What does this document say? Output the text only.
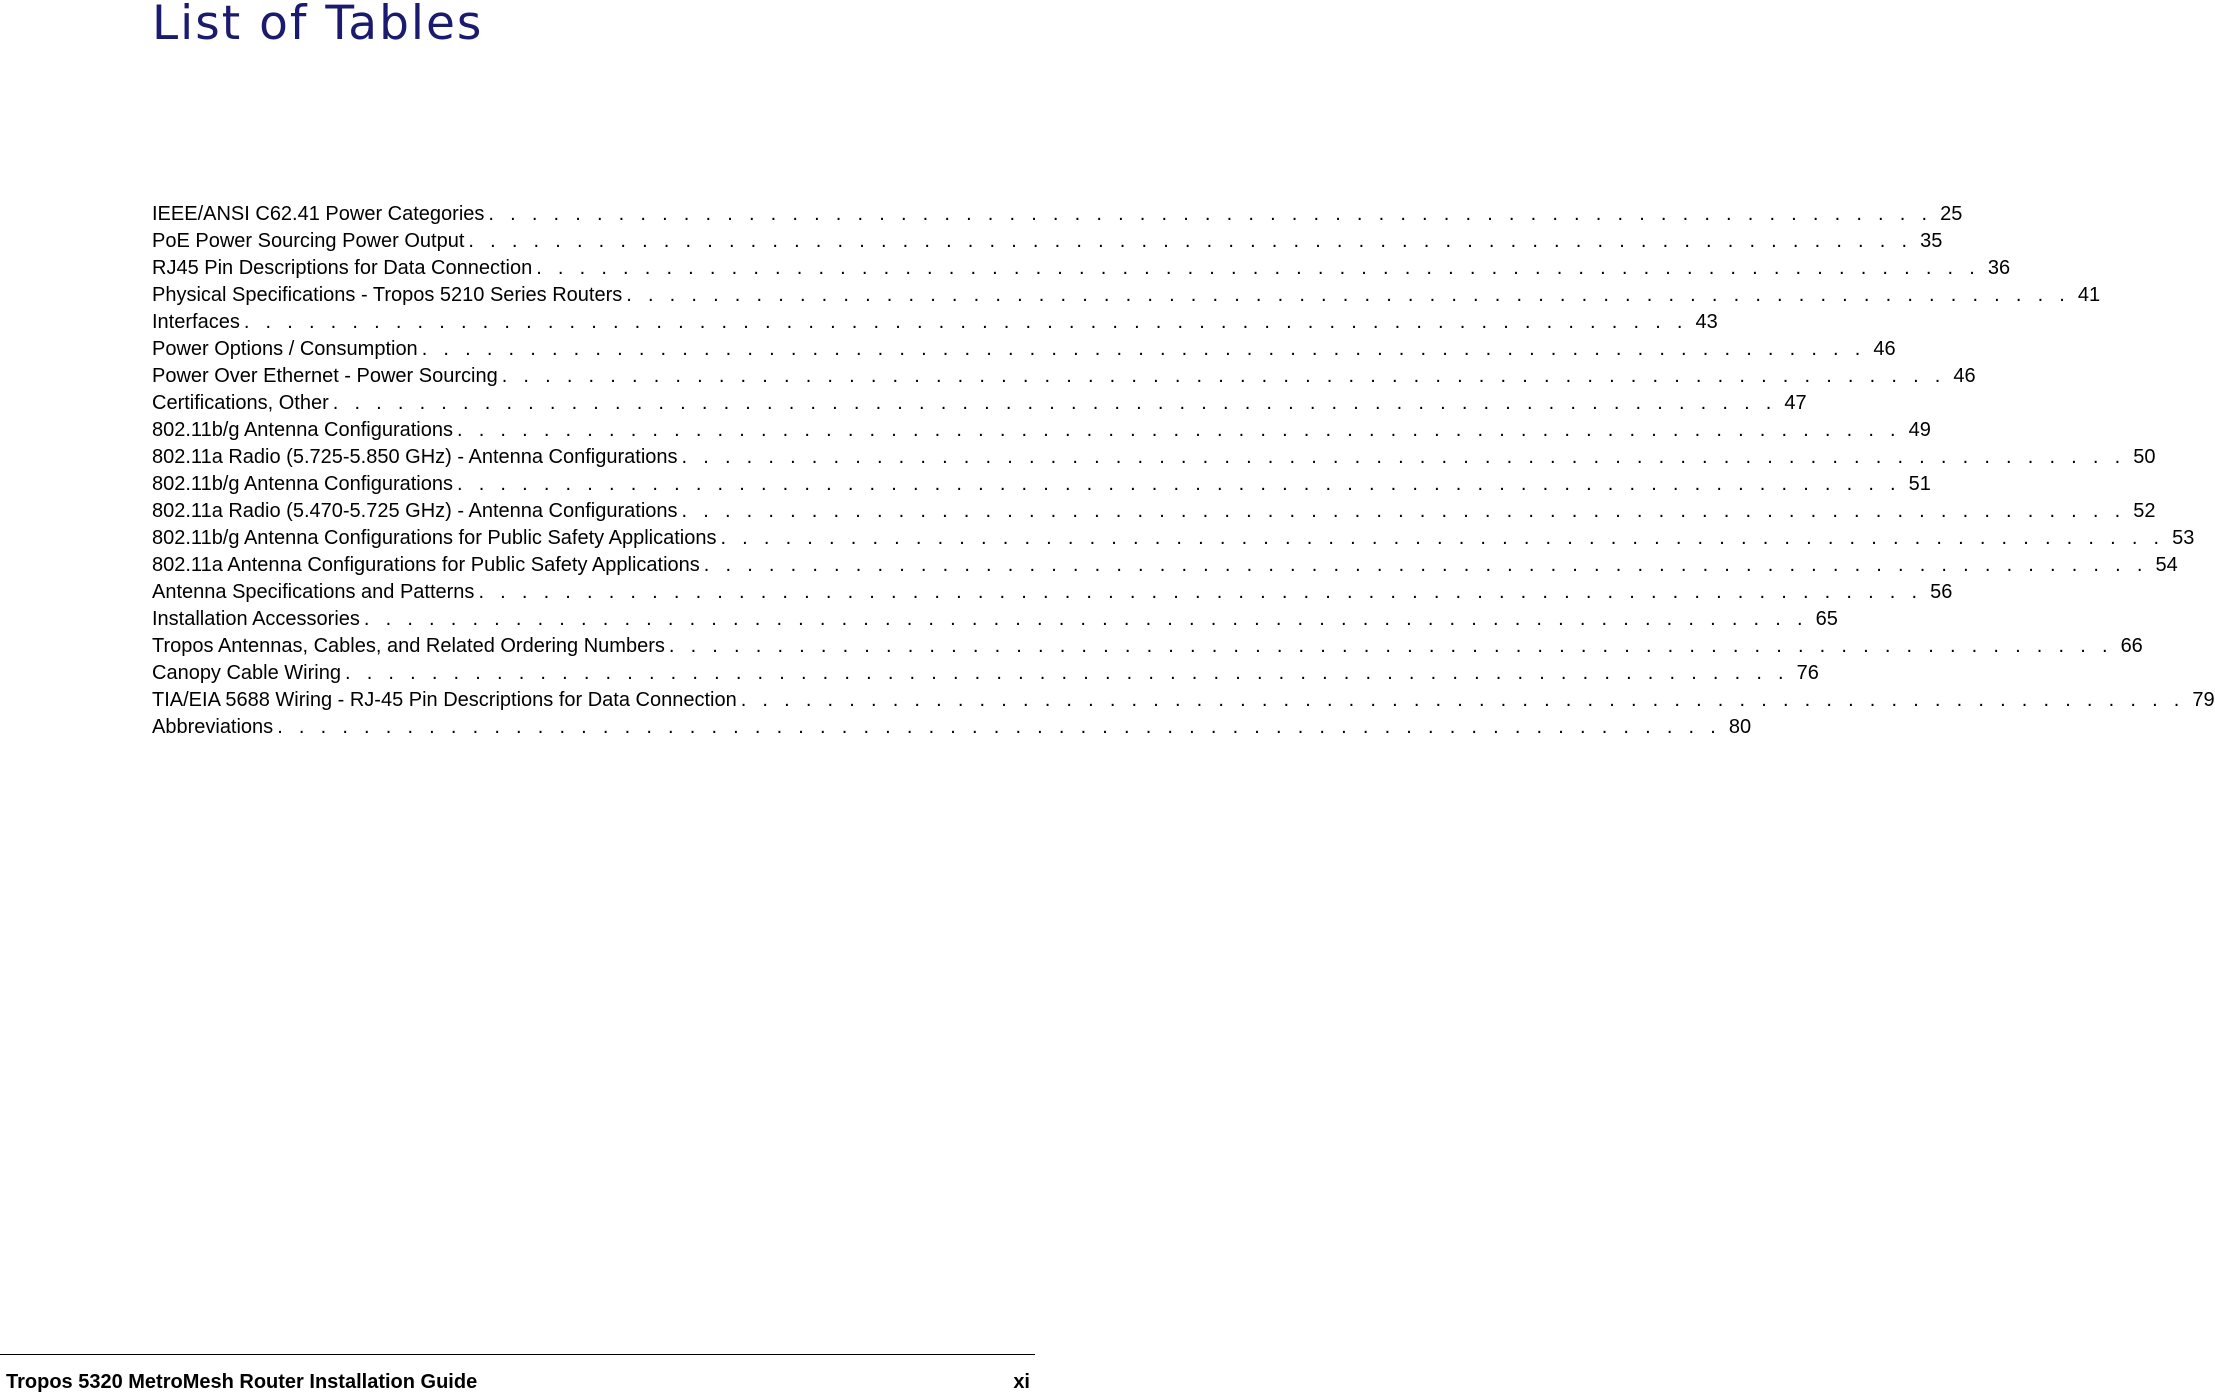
List of Tables
IEEE/ANSI C62.41 Power Categories . . . . . . . . . . . . . . . . . . . . . . . . . . . . . . . . . . . . . . . . . . . . . . . . . . . . . . . . . . . . . . . . . . . 25
PoE Power Sourcing Power Output . . . . . . . . . . . . . . . . . . . . . . . . . . . . . . . . . . . . . . . . . . . . . . . . . . . . . . . . . . . . . . . . . . . 35
RJ45 Pin Descriptions for Data Connection . . . . . . . . . . . . . . . . . . . . . . . . . . . . . . . . . . . . . . . . . . . . . . . . . . . . . . . . . . . . . . . . . . . 36
Physical Specifications - Tropos 5210 Series Routers . . . . . . . . . . . . . . . . . . . . . . . . . . . . . . . . . . . . . . . . . . . . . . . . . . . . . . . . . . . . . . . . . . . 41
Interfaces . . . . . . . . . . . . . . . . . . . . . . . . . . . . . . . . . . . . . . . . . . . . . . . . . . . . . . . . . . . . . . . . . . . 43
Power Options / Consumption . . . . . . . . . . . . . . . . . . . . . . . . . . . . . . . . . . . . . . . . . . . . . . . . . . . . . . . . . . . . . . . . . . . 46
Power Over Ethernet - Power Sourcing . . . . . . . . . . . . . . . . . . . . . . . . . . . . . . . . . . . . . . . . . . . . . . . . . . . . . . . . . . . . . . . . . . . 46
Certifications, Other . . . . . . . . . . . . . . . . . . . . . . . . . . . . . . . . . . . . . . . . . . . . . . . . . . . . . . . . . . . . . . . . . . . 47
802.11b/g Antenna Configurations . . . . . . . . . . . . . . . . . . . . . . . . . . . . . . . . . . . . . . . . . . . . . . . . . . . . . . . . . . . . . . . . . . . 49
802.11a Radio (5.725-5.850 GHz) - Antenna Configurations . . . . . . . . . . . . . . . . . . . . . . . . . . . . . . . . . . . . . . . . . . . . . . . . . . . . . . . . . . . . . . . . . . . 50
802.11b/g Antenna Configurations . . . . . . . . . . . . . . . . . . . . . . . . . . . . . . . . . . . . . . . . . . . . . . . . . . . . . . . . . . . . . . . . . . . 51
802.11a Radio (5.470-5.725 GHz) - Antenna Configurations . . . . . . . . . . . . . . . . . . . . . . . . . . . . . . . . . . . . . . . . . . . . . . . . . . . . . . . . . . . . . . . . . . . 52
802.11b/g Antenna Configurations for Public Safety Applications . . . . . . . . . . . . . . . . . . . . . . . . . . . . . . . . . . . . . . . . . . . . . . . . . . . . . . . . . . . . . . . . . . . 53
802.11a Antenna Configurations for Public Safety Applications . . . . . . . . . . . . . . . . . . . . . . . . . . . . . . . . . . . . . . . . . . . . . . . . . . . . . . . . . . . . . . . . . . . 54
Antenna Specifications and Patterns . . . . . . . . . . . . . . . . . . . . . . . . . . . . . . . . . . . . . . . . . . . . . . . . . . . . . . . . . . . . . . . . . . . 56
Installation Accessories . . . . . . . . . . . . . . . . . . . . . . . . . . . . . . . . . . . . . . . . . . . . . . . . . . . . . . . . . . . . . . . . . . . 65
Tropos Antennas, Cables, and Related Ordering Numbers . . . . . . . . . . . . . . . . . . . . . . . . . . . . . . . . . . . . . . . . . . . . . . . . . . . . . . . . . . . . . . . . . . . 66
Canopy Cable Wiring . . . . . . . . . . . . . . . . . . . . . . . . . . . . . . . . . . . . . . . . . . . . . . . . . . . . . . . . . . . . . . . . . . . 76
TIA/EIA 5688 Wiring - RJ-45 Pin Descriptions for Data Connection . . . . . . . . . . . . . . . . . . . . . . . . . . . . . . . . . . . . . . . . . . . . . . . . . . . . . . . . . . . . . . . . . . . 79
Abbreviations . . . . . . . . . . . . . . . . . . . . . . . . . . . . . . . . . . . . . . . . . . . . . . . . . . . . . . . . . . . . . . . . . . . 80
Tropos 5320 MetroMesh Router Installation Guide	xi
